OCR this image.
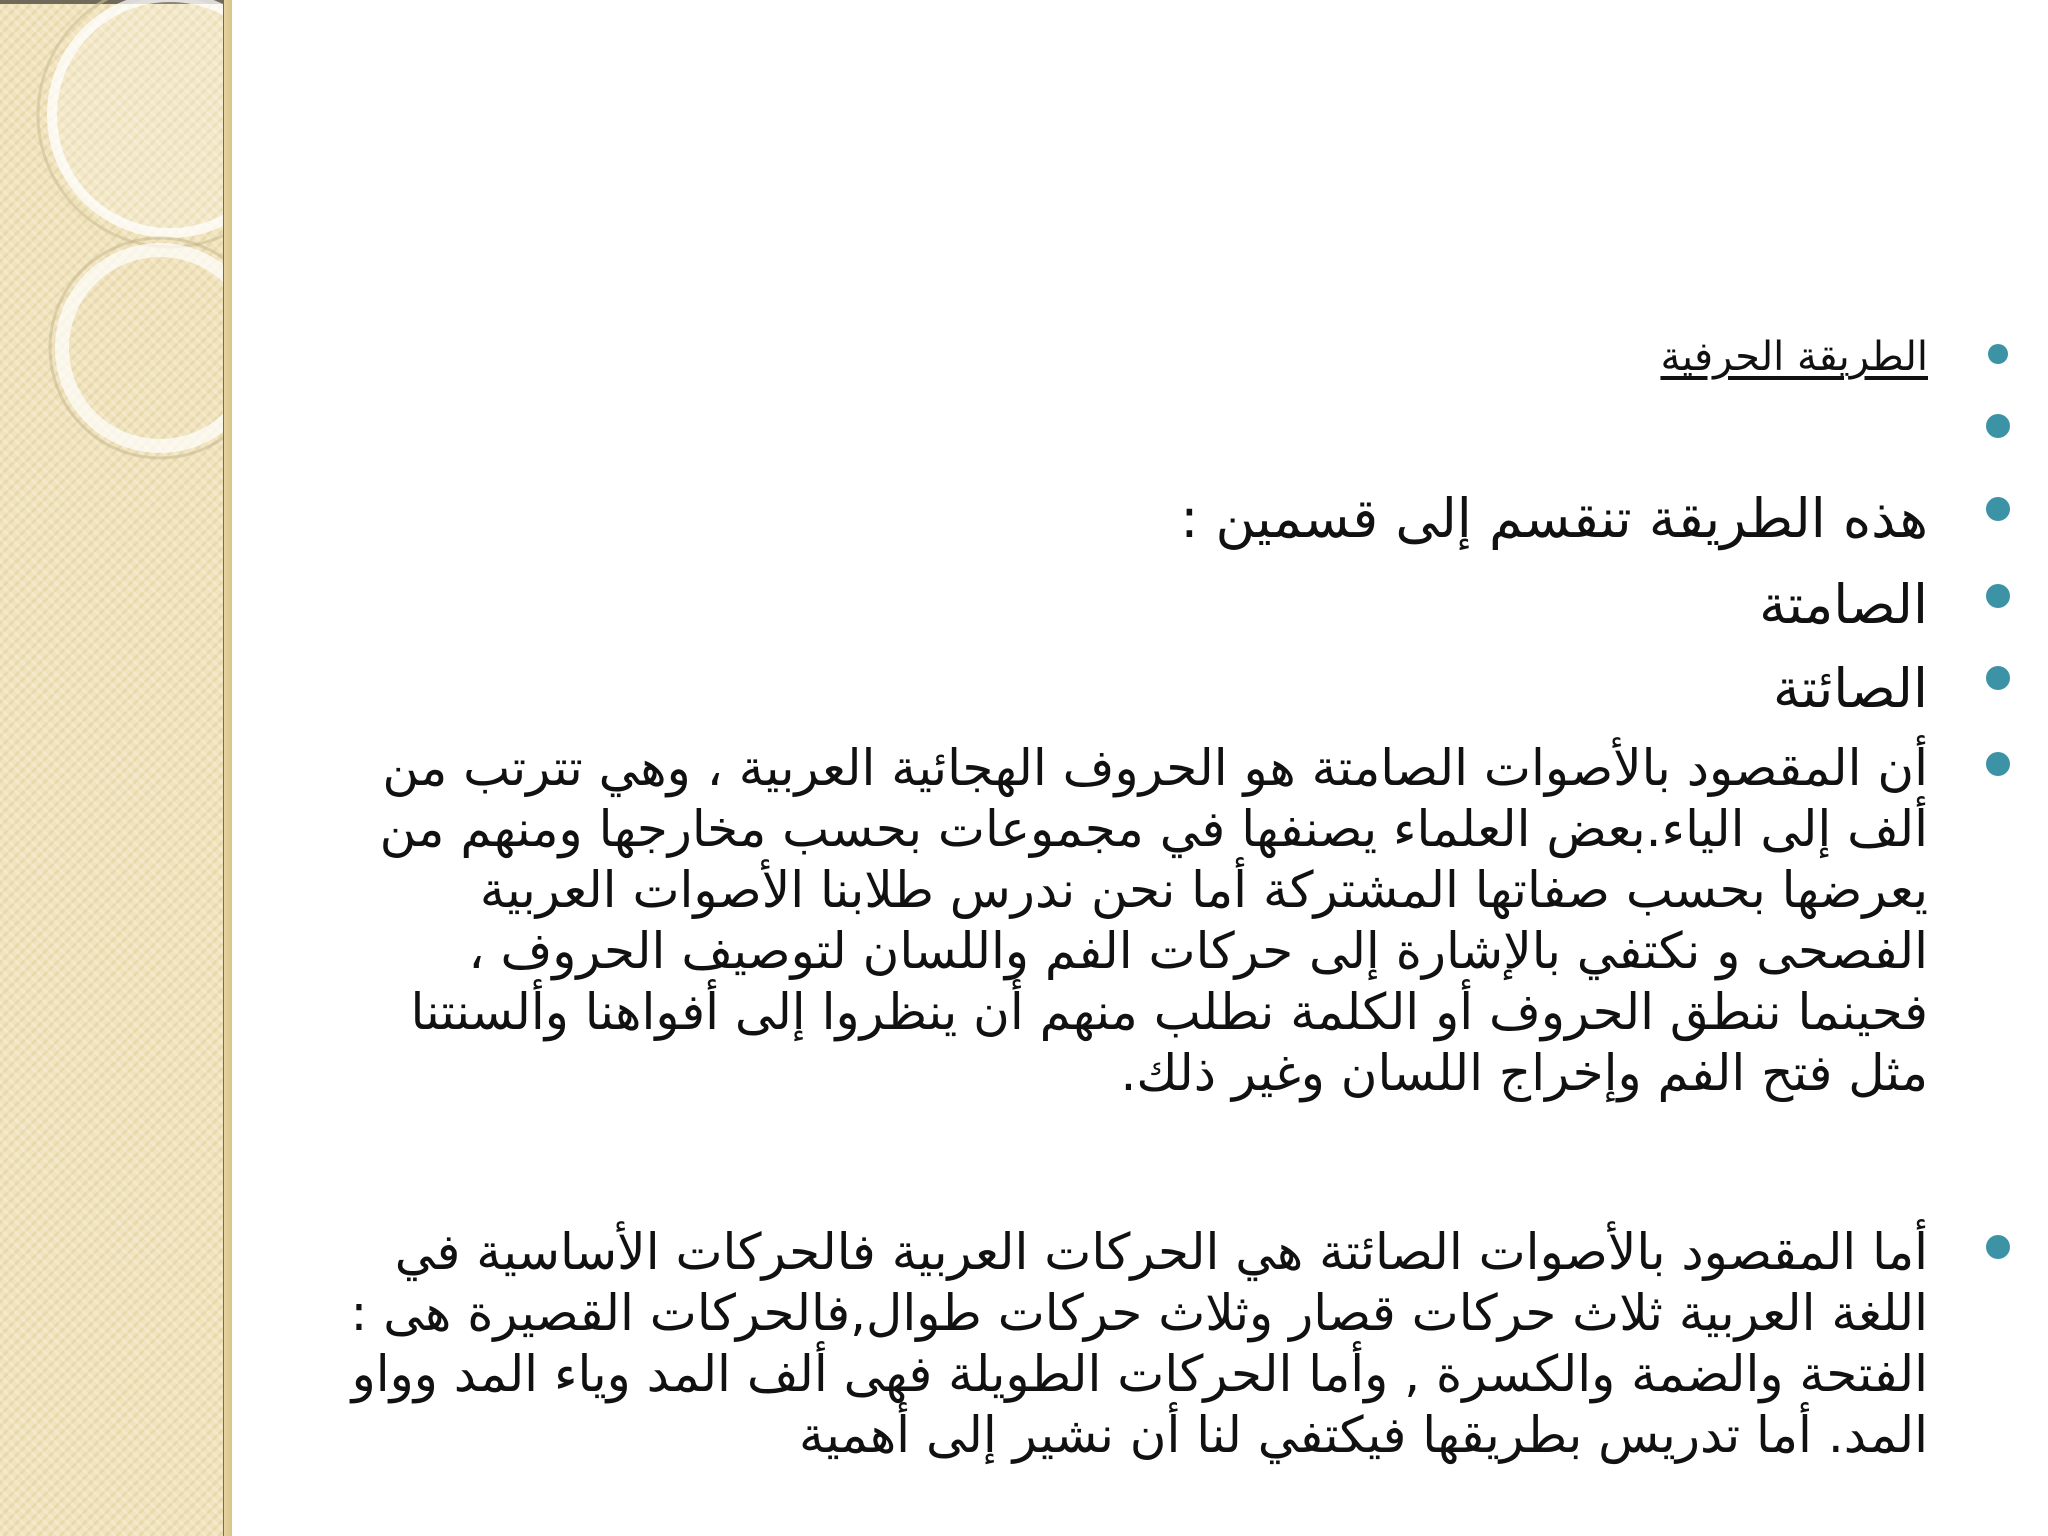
الطريقة الحرفية
هذه الطريقة تنقسم إلى قسمين :
الصامتة
الصائتة
أن المقصود بالأصوات الصامتة هو الحروف الهجائية العربية ، وهي تترتب من ألف إلى الياء.بعض العلماء يصنفها في مجموعات بحسب مخارجها ومنهم من يعرضها بحسب صفاتها المشتركة أما نحن ندرس طلابنا الأصوات العربية الفصحى و نكتفي بالإشارة إلى حركات الفم واللسان لتوصيف الحروف ، فحينما ننطق الحروف أو الكلمة نطلب منهم أن ينظروا إلى أفواهنا وألسنتنا مثل فتح الفم وإخراج اللسان وغير ذلك.
أما المقصود بالأصوات الصائتة هي الحركات العربية فالحركات الأساسية في اللغة العربية ثلاث حركات قصار وثلاث حركات طوال,فالحركات القصيرة هى : الفتحة والضمة والكسرة , وأما الحركات الطويلة فهى ألف المد وياء المد وواو المد. أما تدريس بطريقها فيكتفي لنا أن نشير إلى أهمية
